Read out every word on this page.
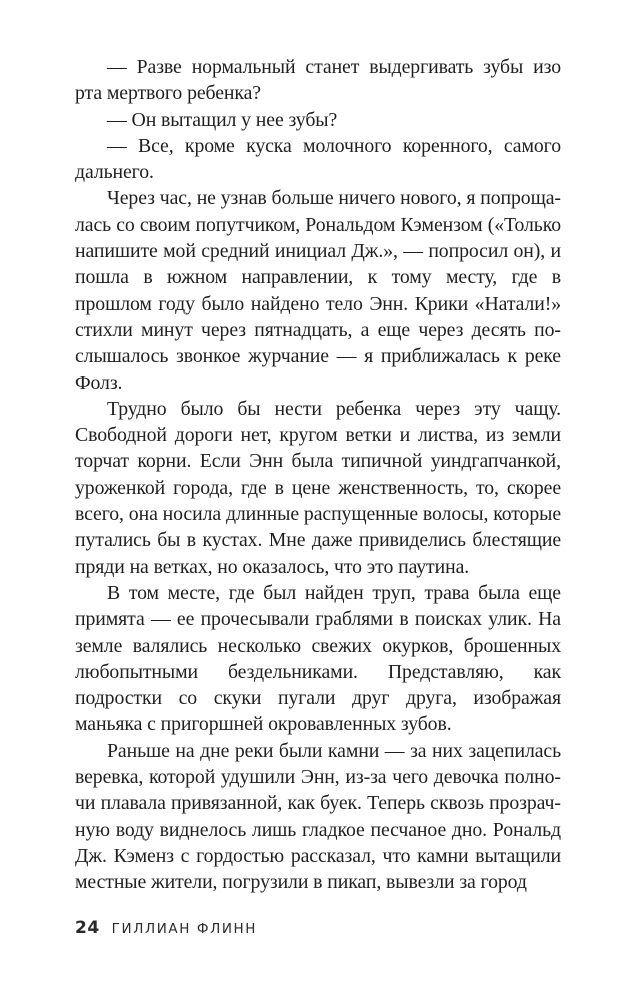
— Разве нормальный станет выдергивать зубы изо рта мертвого ребенка?

— Он вытащил у нее зубы?

— Все, кроме куска молочного коренного, самого дальнего.

Через час, не узнав больше ничего нового, я попрощалась со своим попутчиком, Рональдом Кэмензом («Только напишите мой средний инициал Дж.», — попросил он), и пошла в южном направлении, к тому месту, где в прошлом году было найдено тело Энн. Крики «Натали!» стихли минут через пятнадцать, а еще через десять послышалось звонкое журчание — я приближалась к реке Фолз.

Трудно было бы нести ребенка через эту чащу. Свободной дороги нет, кругом ветки и листва, из земли торчат корни. Если Энн была типичной уиндгапчанкой, уроженкой города, где в цене женственность, то, скорее всего, она носила длинные распущенные волосы, которые путались бы в кустах. Мне даже привиделись блестящие пряди на ветках, но оказалось, что это паутина.

В том месте, где был найден труп, трава была еще примята — ее прочесывали граблями в поисках улик. На земле валялись несколько свежих окурков, брошенных любопытными бездельниками. Представляю, как подростки со скуки пугали друг друга, изображая маньяка с пригоршней окровавленных зубов.

Раньше на дне реки были камни — за них зацепилась веревка, которой удушили Энн, из-за чего девочка полночи плавала привязанной, как буек. Теперь сквозь прозрачную воду виднелось лишь гладкое песчаное дно. Рональд Дж. Кэменз с гордостью рассказал, что камни вытащили местные жители, погрузили в пикап, вывезли за город

24 ГИЛЛИАН ФЛИНН
